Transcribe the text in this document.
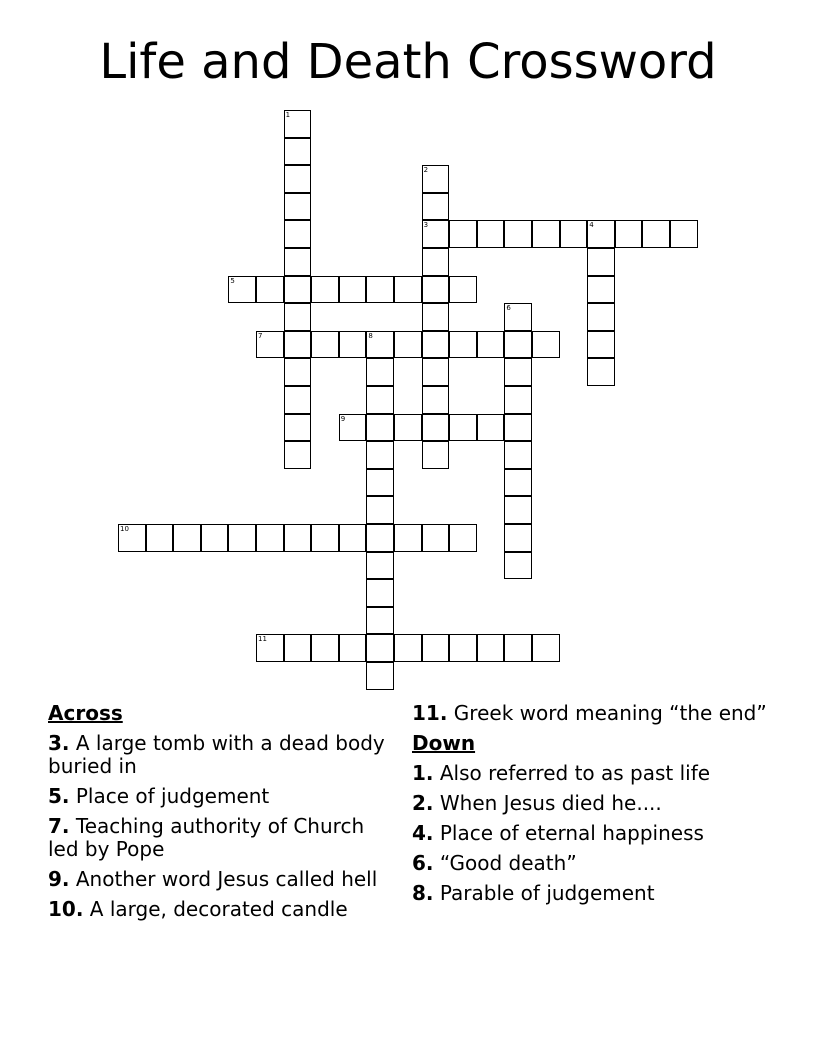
Life and Death Crossword
1
2
3	4
5
6
7	8
9
10
11
Across
3. A large tomb with a dead body buried in
5. Place of judgement
7. Teaching authority of Church led by Pope
9. Another word Jesus called hell
10. A large, decorated candle
11. Greek word meaning “the end”
Down
1. Also referred to as past life
2. When Jesus died he....
4. Place of eternal happiness
6. “Good death”
8. Parable of judgement
